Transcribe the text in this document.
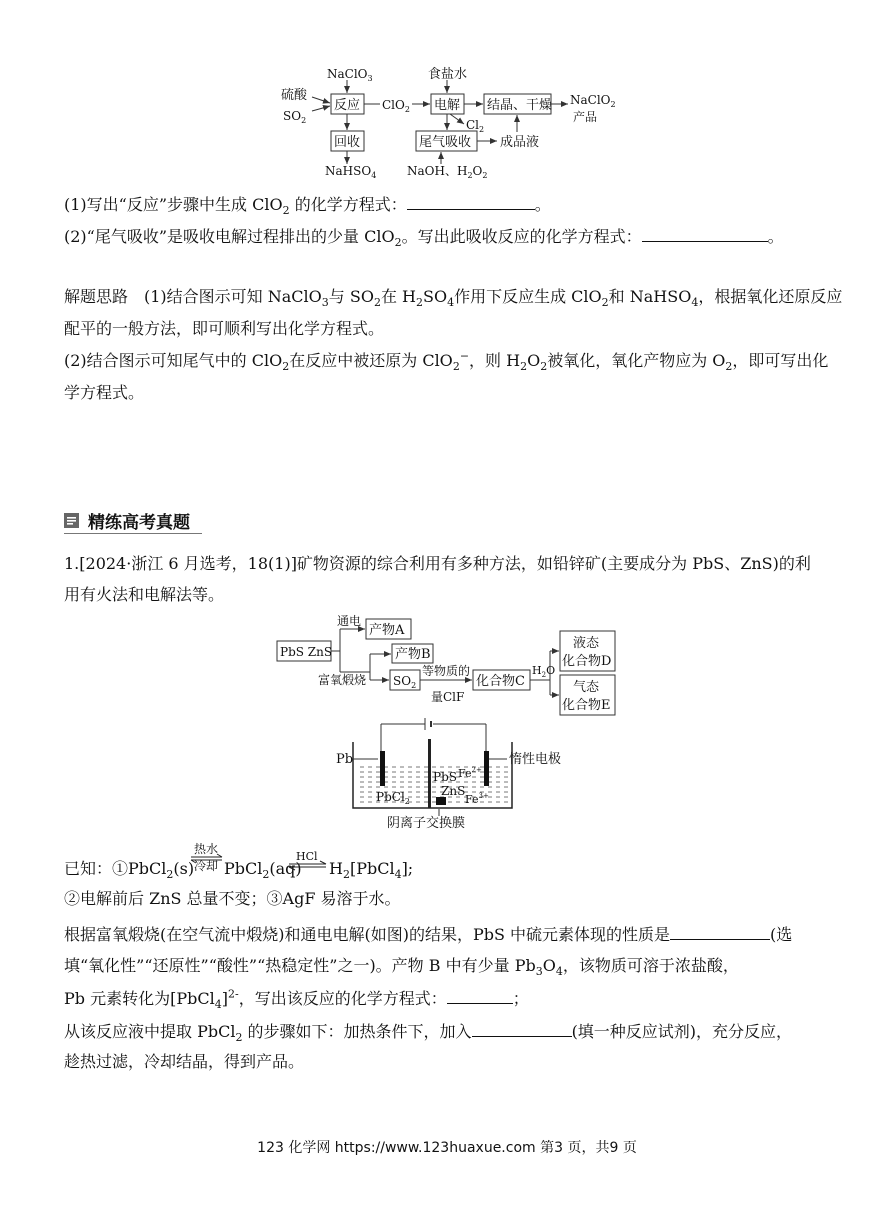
NaClO$_3$	食盐水
硫酸
$SO_2$
反应 ClO$_2$ 电解 结晶、干燥 NaClO$_2$
产品
$Cl_2$
回收	尾气吸收 成品液
NaHSO$_4$	NaOH、$H_2O_2$
(1)写出“反应”步骤中生成 ClO$_2$ 的化学方程式：	。
(2)“尾气吸收”是吸收电解过程排出的少量 ClO$_2$。写出此吸收反应的化学方程式：	。
解题思路　(1)结合图示可知 NaClO$_3$与 $SO_2$在 $H_2SO_4$作用下反应生成 ClO$_2$和 NaHSO$_4$，根据氧化还原反应
配平的一般方法，即可顺利写出化学方程式。
(2)结合图示可知尾气中的 ClO$_2$在反应中被还原为 ClO$_2$−，则 $H_2O_2$被氧化，氧化产物应为 $O_2$，即可写出化
学方程式。
精练高考真题
1.[2024·浙江 6 月选考，18(1)]矿物资源的综合利用有多种方法，如铅锌矿(主要成分为 PbS、ZnS)的利
用有火法和电解法等。
PbS ZnS
通电
产物A
产物B
富氧煅烧 $SO_2$
等物质的
量ClF
化合物C
$H_2O$
液态
化合物D
气态
化合物E
Pb	惰性电极
PbCl$_2$
PbS
ZnS
$Fe^{2+}$
$Fe^{3+}$
阴离子交换膜
已知：①PbCl$_2$(s)
热水
冷却 PbCl$_2$(aq)
HCl
$H_2[PbCl_4]$;
②电解前后 ZnS 总量不变；③AgF 易溶于水。
根据富氧煅烧(在空气流中煅烧)和通电电解(如图)的结果，PbS 中硫元素体现的性质是	(选
填“氧化性”“还原性”“酸性”“热稳定性”之一)。产物 B 中有少量 $Pb_3O_4$，该物质可溶于浓盐酸，
Pb 元素转化为[PbCl$_4$]$^{2-}$，写出该反应的化学方程式：	；
从该反应液中提取 PbCl$_2$ 的步骤如下：加热条件下，加入	(填一种反应试剂)，充分反应，
趁热过滤，冷却结晶，得到产品。
123 化学网 https://www.123huaxue.com 第3 页，共9 页
